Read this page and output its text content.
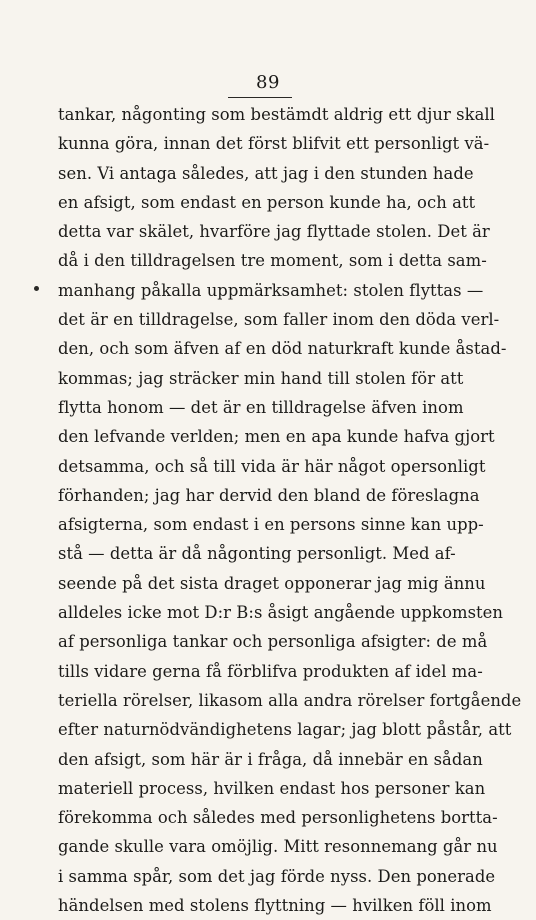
89
tankar, någonting som bestämdt aldrig ett djur skall
kunna göra, innan det först blifvit ett personligt vä-
sen. Vi antaga således, att jag i den stunden hade
en afsigt, som endast en person kunde ha, och att
detta var skälet, hvarföre jag flyttade stolen. Det är
då i den tilldragelsen tre moment, som i detta sam-
manhang påkalla uppmärksamhet: stolen flyttas —
det är en tilldragelse, som faller inom den döda verl-
den, och som äfven af en död naturkraft kunde åstad-
kommas; jag sträcker min hand till stolen för att
flytta honom — det är en tilldragelse äfven inom
den lefvande verlden; men en apa kunde hafva gjort
detsamma, och så till vida är här något opersonligt
förhanden; jag har dervid den bland de föreslagna
afsigterna, som endast i en persons sinne kan upp-
stå — detta är då någonting personligt. Med af-
seende på det sista draget opponerar jag mig ännu
alldeles icke mot D:r B:s åsigt angående uppkomsten
af personliga tankar och personliga afsigter: de må
tills vidare gerna få förblifva produkten af idel ma-
teriella rörelser, likasom alla andra rörelser fortgående
efter naturnödvändighetens lagar; jag blott påstår, att
den afsigt, som här är i fråga, då innebär en sådan
materiell process, hvilken endast hos personer kan
förekomma och således med personlighetens bortta-
gande skulle vara omöjlig. Mitt resonnemang går nu
i samma spår, som det jag förde nyss. Den ponerade
händelsen med stolens flyttning — hvilken föll inom
